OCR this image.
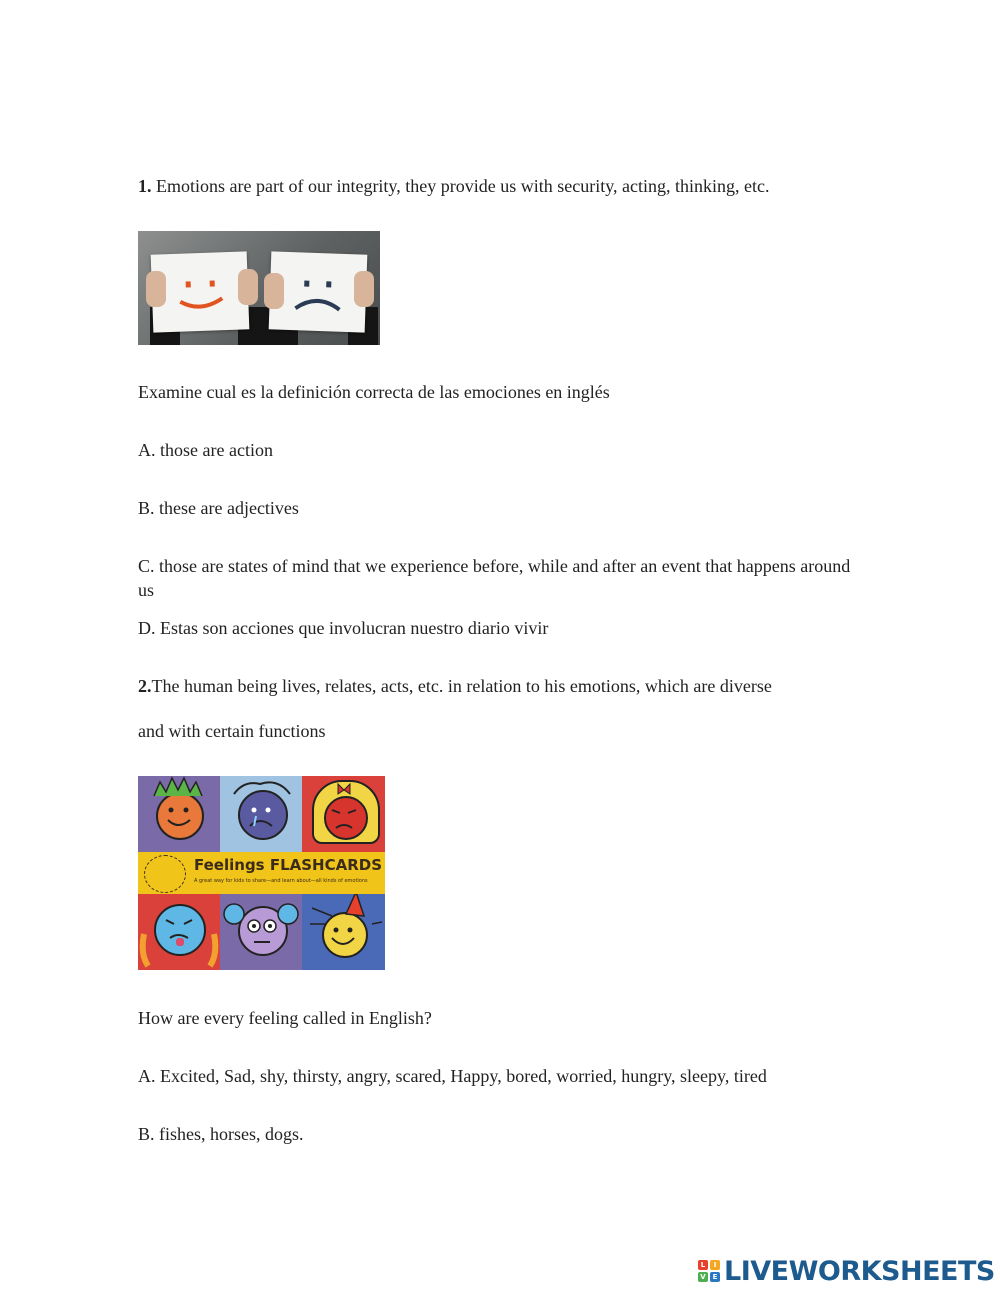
1. Emotions are part of our integrity, they provide us with security, acting, thinking, etc.
Examine cual es la definición correcta de las emociones en inglés
A. those are action
B. these are adjectives
C. those are states of mind that we experience before, while and after an event that happens around us
D. Estas son acciones que involucran nuestro diario vivir
2.The human being lives, relates, acts, etc. in relation to his emotions, which are diverse
and with certain functions
Feelings FLASHCARDS
A great way for kids to share—and learn about—all kinds of emotions
How are every feeling called in English?
A. Excited, Sad, shy, thirsty, angry, scared, Happy, bored, worried, hungry, sleepy, tired
B. fishes, horses, dogs.
L	I
V E LIVEWORKSHEETS
